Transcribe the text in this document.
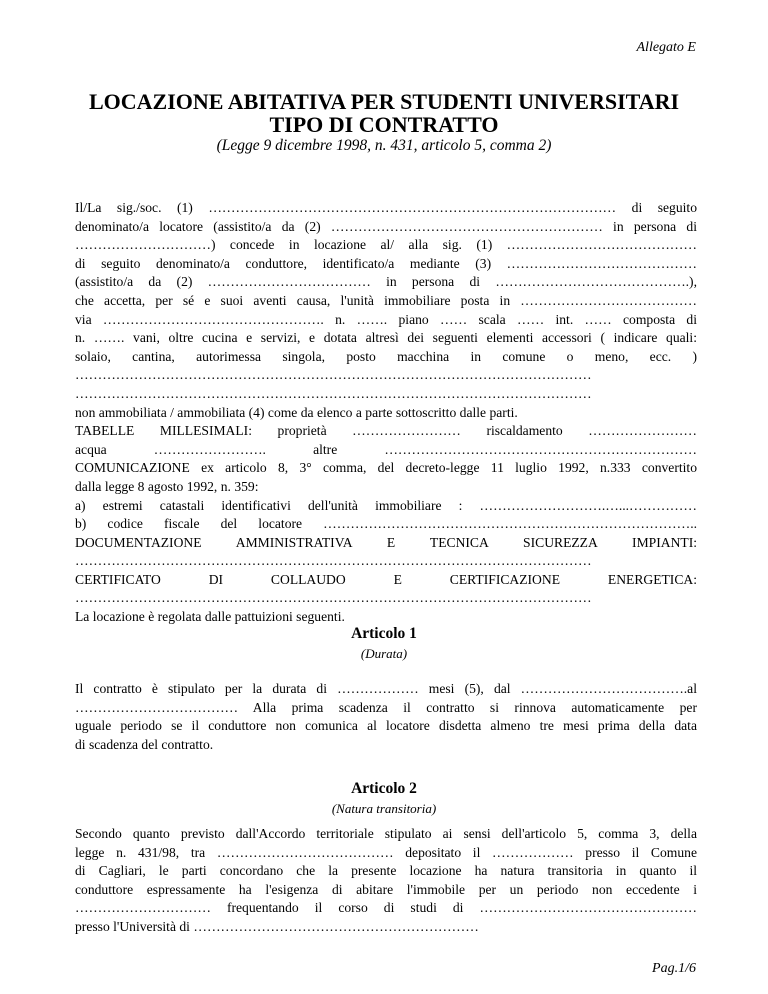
Allegato E
LOCAZIONE ABITATIVA PER STUDENTI UNIVERSITARI
TIPO DI CONTRATTO
(Legge 9 dicembre 1998, n. 431, articolo 5, comma 2)
Il/La sig./soc. (1) ……………………………………………………………………………… di seguito
denominato/a locatore (assistito/a da (2) …………………………………………………… in persona di
…………………………) concede in locazione al/ alla sig. (1) ……………………………………
di seguito denominato/a conduttore, identificato/a mediante (3) ……………………………………
(assistito/a da (2) ……………………………… in persona di …………………………………….),
che accetta, per sé e suoi aventi causa, l'unità immobiliare posta in …………………………………
via …………………………………………. n. ……. piano …… scala …… int. …… composta di
n. ……. vani, oltre cucina e servizi, e dotata altresì dei seguenti elementi accessori ( indicare quali:
solaio, cantina, autorimessa singola, posto macchina in comune o meno, ecc. )
……………………………………………………………………………………………………
……………………………………………………………………………………………………
non ammobiliata / ammobiliata (4) come da elenco a parte sottoscritto dalle parti.
TABELLE MILLESIMALI: proprietà …………………… riscaldamento ……………………
acqua ……………………. altre ……………………………………………………………
COMUNICAZIONE ex articolo 8, 3° comma, del decreto-legge 11 luglio 1992, n.333 convertito
dalla legge 8 agosto 1992, n. 359:
a) estremi catastali identificativi dell'unità immobiliare : ……………………….…...……………
b) codice fiscale del locatore ………………………………………………………………………..
DOCUMENTAZIONE AMMINISTRATIVA E TECNICA SICUREZZA IMPIANTI:
……………………………………………………………………………………………………
CERTIFICATO DI COLLAUDO E CERTIFICAZIONE ENERGETICA:
……………………………………………………………………………………………………
La locazione è regolata dalle pattuizioni seguenti.
Articolo 1
(Durata)
Il contratto è stipulato per la durata di ……………… mesi (5), dal ……………………………….al
……………………………… Alla prima scadenza il contratto si rinnova automaticamente per
uguale periodo se il conduttore non comunica al locatore disdetta almeno tre mesi prima della data
di scadenza del contratto.
Articolo 2
(Natura transitoria)
Secondo quanto previsto dall'Accordo territoriale stipulato ai sensi dell'articolo 5, comma 3, della
legge n. 431/98, tra ………………………………… depositato il ……………… presso il Comune
di Cagliari, le parti concordano che la presente locazione ha natura transitoria in quanto il
conduttore espressamente ha l'esigenza di abitare l'immobile per un periodo non eccedente i
………………………… frequentando il corso di studi di …………………………………………
presso l'Università di ………………………………………………………
Pag.1/6
